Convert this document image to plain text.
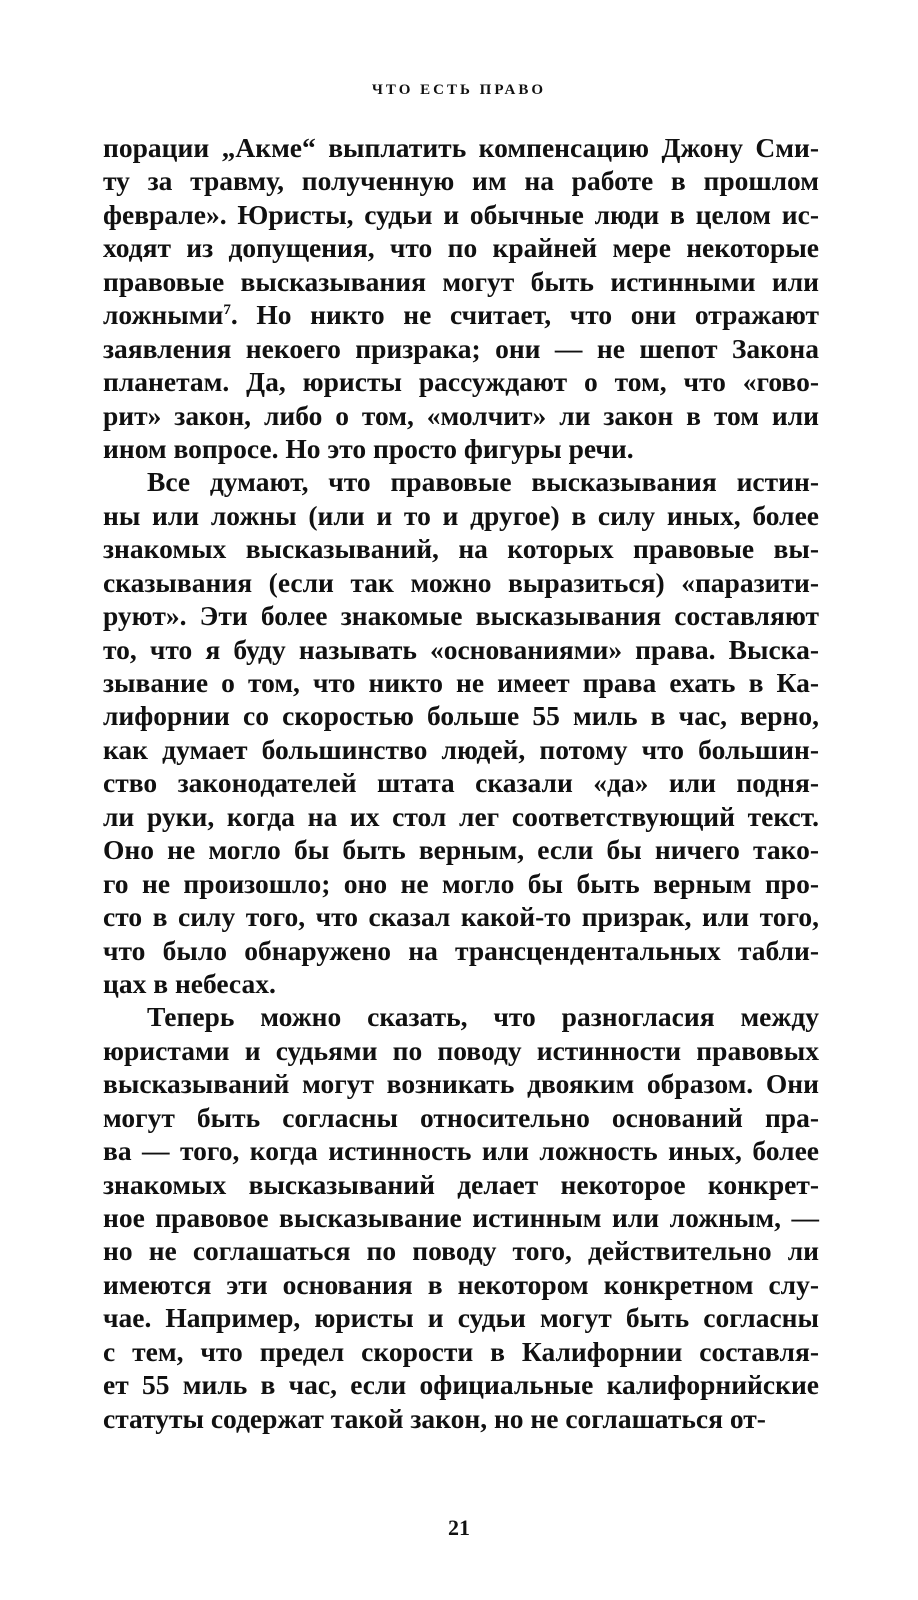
ЧТО ЕСТЬ ПРАВО
порации „Акме“ выплатить компенсацию Джону Сми-
ту за травму, полученную им на работе в прошлом
феврале». Юристы, судьи и обычные люди в целом ис-
ходят из допущения, что по крайней мере некоторые
правовые высказывания могут быть истинными или
ложными$^7$. Но никто не считает, что они отражают
заявления некоего призрака; они — не шепот Закона
планетам. Да, юристы рассуждают о том, что «гово-
рит» закон, либо о том, «молчит» ли закон в том или
ином вопросе. Но это просто фигуры речи.
Все думают, что правовые высказывания истин-
ны или ложны (или и то и другое) в силу иных, более
знакомых высказываний, на которых правовые вы-
сказывания (если так можно выразиться) «паразити-
руют». Эти более знакомые высказывания составляют
то, что я буду называть «основаниями» права. Выска-
зывание о том, что никто не имеет права ехать в Ка-
лифорнии со скоростью больше 55 миль в час, верно,
как думает большинство людей, потому что большин-
ство законодателей штата сказали «да» или подня-
ли руки, когда на их стол лег соответствующий текст.
Оно не могло бы быть верным, если бы ничего тако-
го не произошло; оно не могло бы быть верным про-
сто в силу того, что сказал какой-то призрак, или того,
что было обнаружено на трансцендентальных табли-
цах в небесах.
Теперь можно сказать, что разногласия между
юристами и судьями по поводу истинности правовых
высказываний могут возникать двояким образом. Они
могут быть согласны относительно оснований пра-
ва — того, когда истинность или ложность иных, более
знакомых высказываний делает некоторое конкрет-
ное правовое высказывание истинным или ложным, —
но не соглашаться по поводу того, действительно ли
имеются эти основания в некотором конкретном слу-
чае. Например, юристы и судьи могут быть согласны
с тем, что предел скорости в Калифорнии составля-
ет 55 миль в час, если официальные калифорнийские
статуты содержат такой закон, но не соглашаться от-
21
